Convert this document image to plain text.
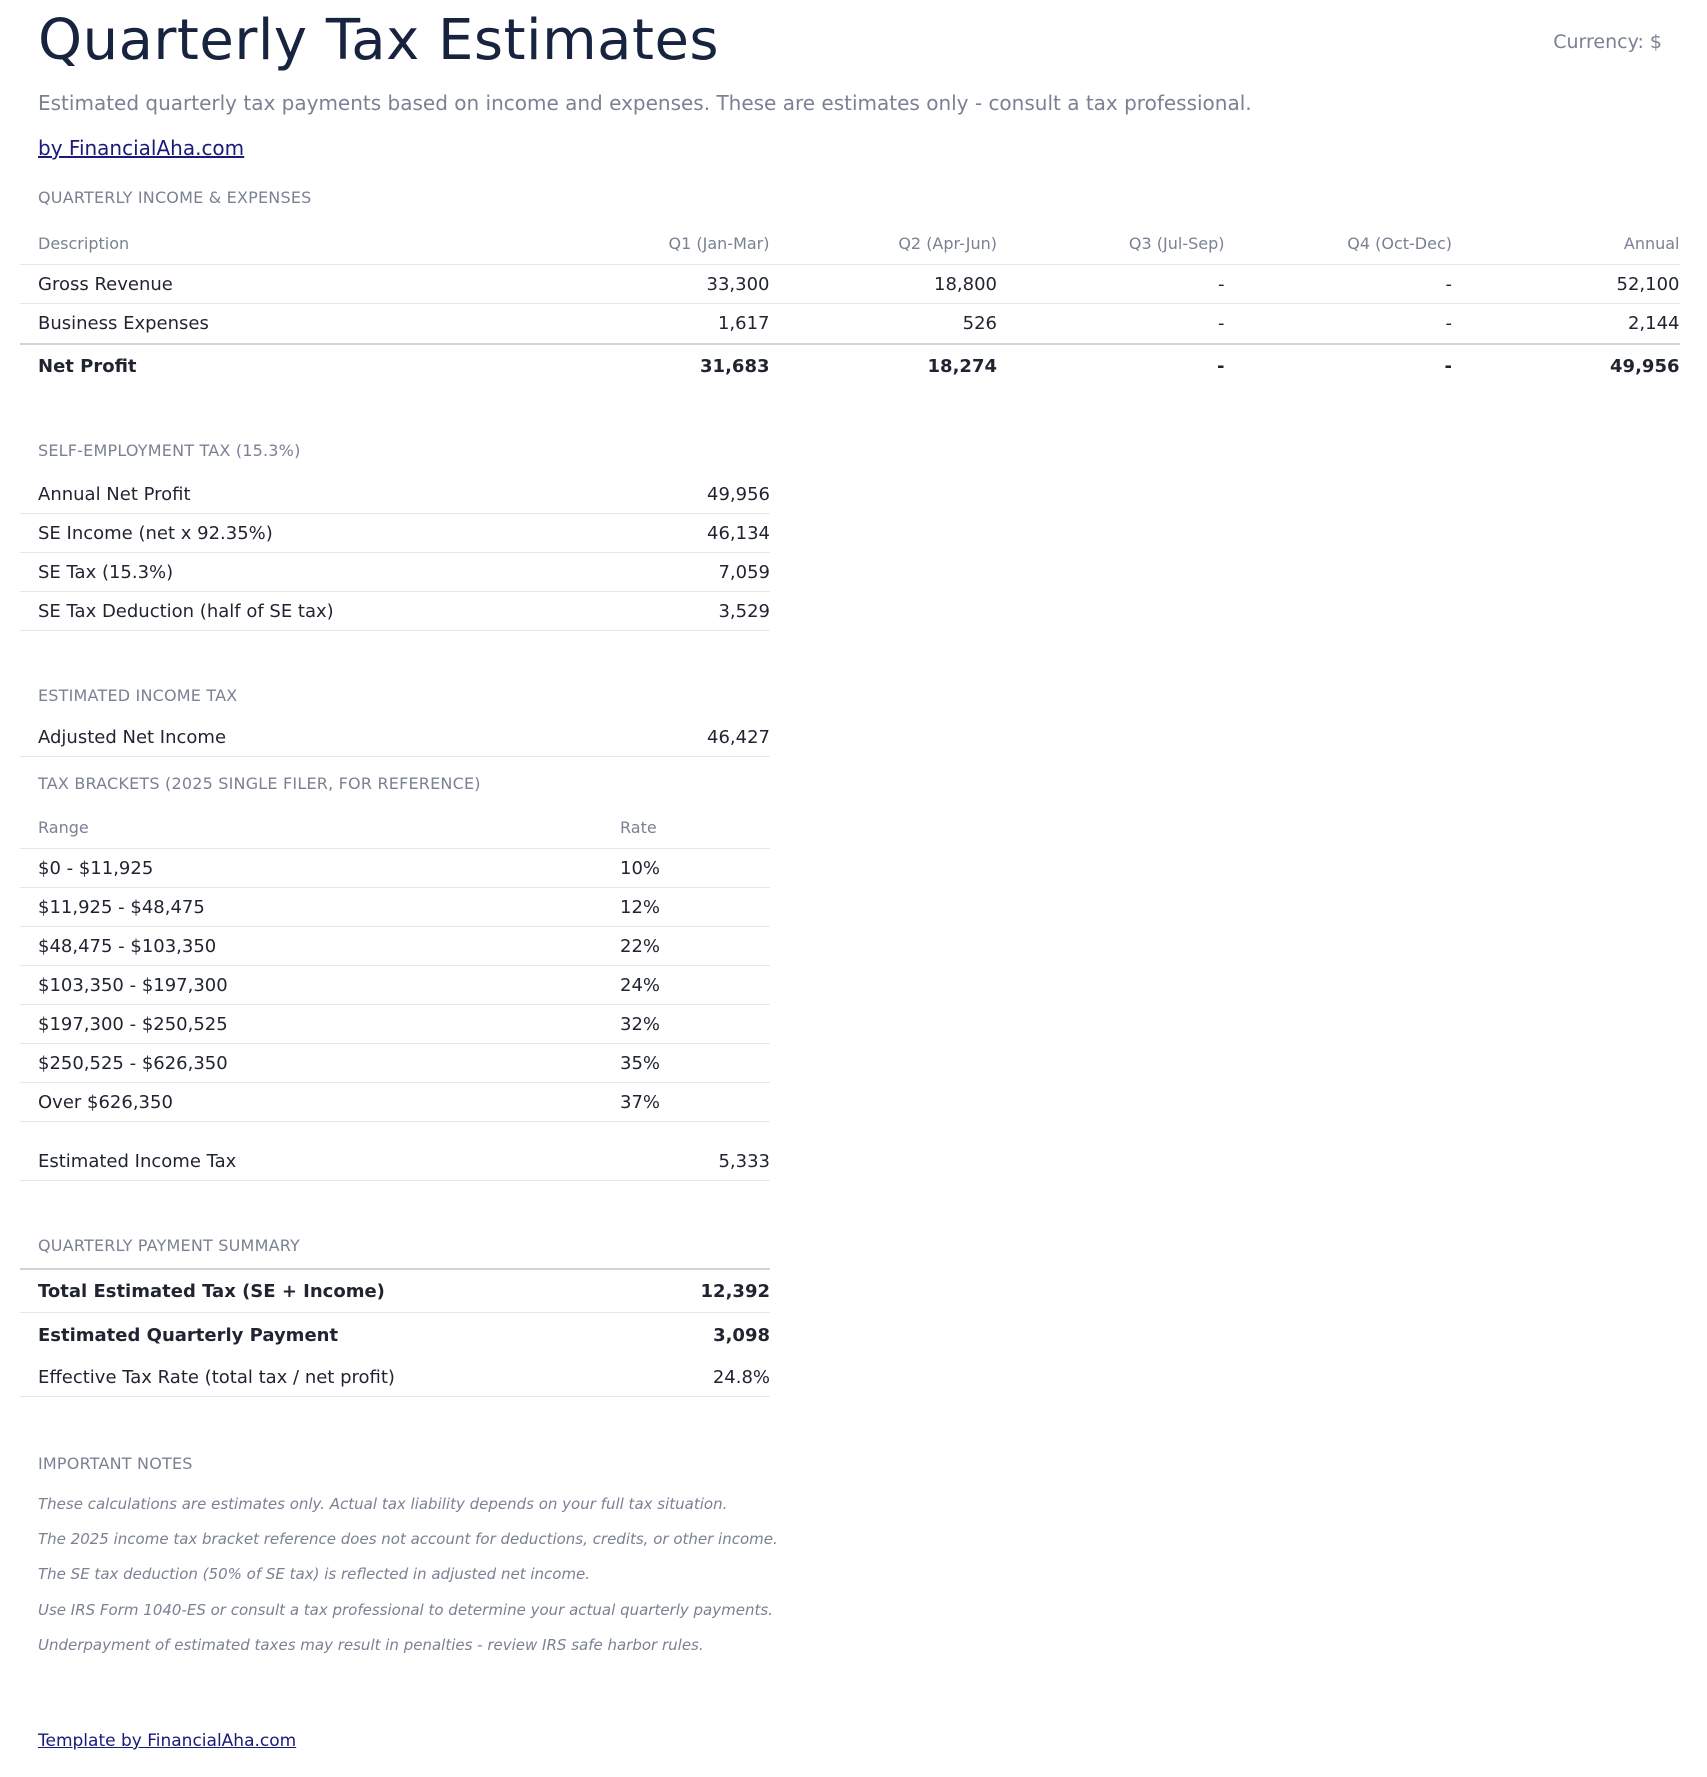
Quarterly Tax Estimates	Currency: $
Estimated quarterly tax payments based on income and expenses. These are estimates only - consult a tax professional.
by FinancialAha.com
QUARTERLY INCOME & EXPENSES
Description	Q1 (Jan-Mar)	Q2 (Apr-Jun)	Q3 (Jul-Sep)	Q4 (Oct-Dec)	Annual
Gross Revenue	33,300	18,800	-	-	52,100
Business Expenses	1,617	526	-	-	2,144
Net Profit	31,683	18,274	-	-	49,956
SELF-EMPLOYMENT TAX (15.3%)
Annual Net Profit	49,956
SE Income (net x 92.35%)	46,134
SE Tax (15.3%)	7,059
SE Tax Deduction (half of SE tax)	3,529
ESTIMATED INCOME TAX
Adjusted Net Income	46,427
TAX BRACKETS (2025 SINGLE FILER, FOR REFERENCE)
Range	Rate
$0 - $11,925	10%
$11,925 - $48,475	12%
$48,475 - $103,350	22%
$103,350 - $197,300	24%
$197,300 - $250,525	32%
$250,525 - $626,350	35%
Over $626,350	37%
Estimated Income Tax	5,333
QUARTERLY PAYMENT SUMMARY
Total Estimated Tax (SE + Income)	12,392
Estimated Quarterly Payment	3,098
Effective Tax Rate (total tax / net profit)	24.8%
IMPORTANT NOTES
These calculations are estimates only. Actual tax liability depends on your full tax situation.
The 2025 income tax bracket reference does not account for deductions, credits, or other income.
The SE tax deduction (50% of SE tax) is reflected in adjusted net income.
Use IRS Form 1040-ES or consult a tax professional to determine your actual quarterly payments.
Underpayment of estimated taxes may result in penalties - review IRS safe harbor rules.
Template by FinancialAha.com
